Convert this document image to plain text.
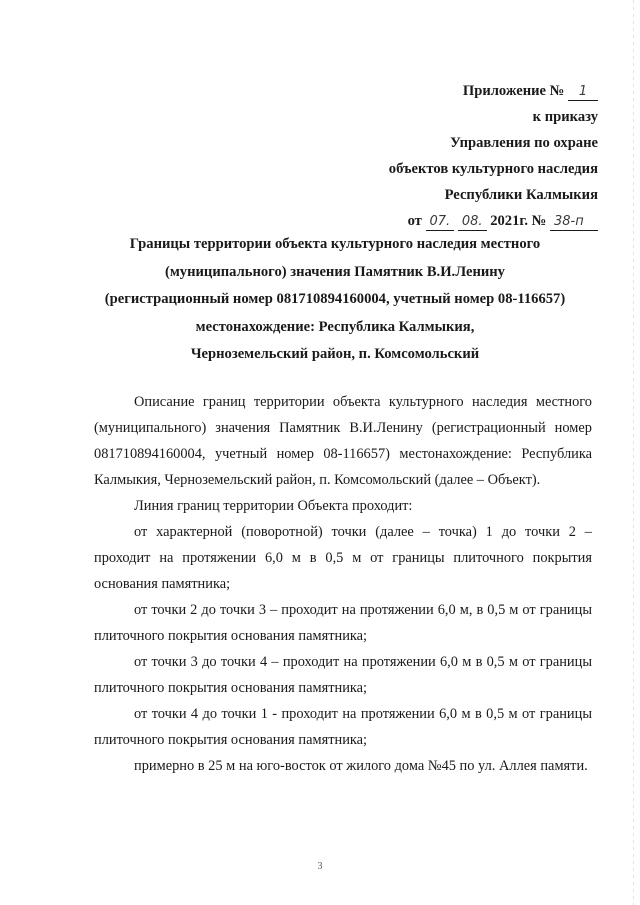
Приложение № 1
к приказу
Управления по охране
объектов культурного наследия
Республики Калмыкия
от 07. 08. 2021г. № 38-п
Границы территории объекта культурного наследия местного
(муниципального) значения Памятник В.И.Ленину
(регистрационный номер 081710894160004, учетный номер 08-116657)
местонахождение: Республика Калмыкия,
Черноземельский район, п. Комсомольский

Описание границ территории объекта культурного наследия местного (муниципального) значения Памятник В.И.Ленину (регистрационный номер 081710894160004, учетный номер 08-116657) местонахождение: Республика Калмыкия, Черноземельский район, п. Комсомольский (далее – Объект).

Линия границ территории Объекта проходит:

от характерной (поворотной) точки (далее – точка) 1 до точки 2 – проходит на протяжении 6,0 м в 0,5 м от границы плиточного покрытия основания памятника;

от точки 2 до точки 3 – проходит на протяжении 6,0 м, в 0,5 м от границы плиточного покрытия основания памятника;

от точки 3 до точки 4 – проходит на протяжении 6,0 м в 0,5 м от границы плиточного покрытия основания памятника;

от точки 4 до точки 1 - проходит на протяжении 6,0 м в 0,5 м от границы плиточного покрытия основания памятника;

примерно в 25 м на юго-восток от жилого дома №45 по ул. Аллея памяти.

3
